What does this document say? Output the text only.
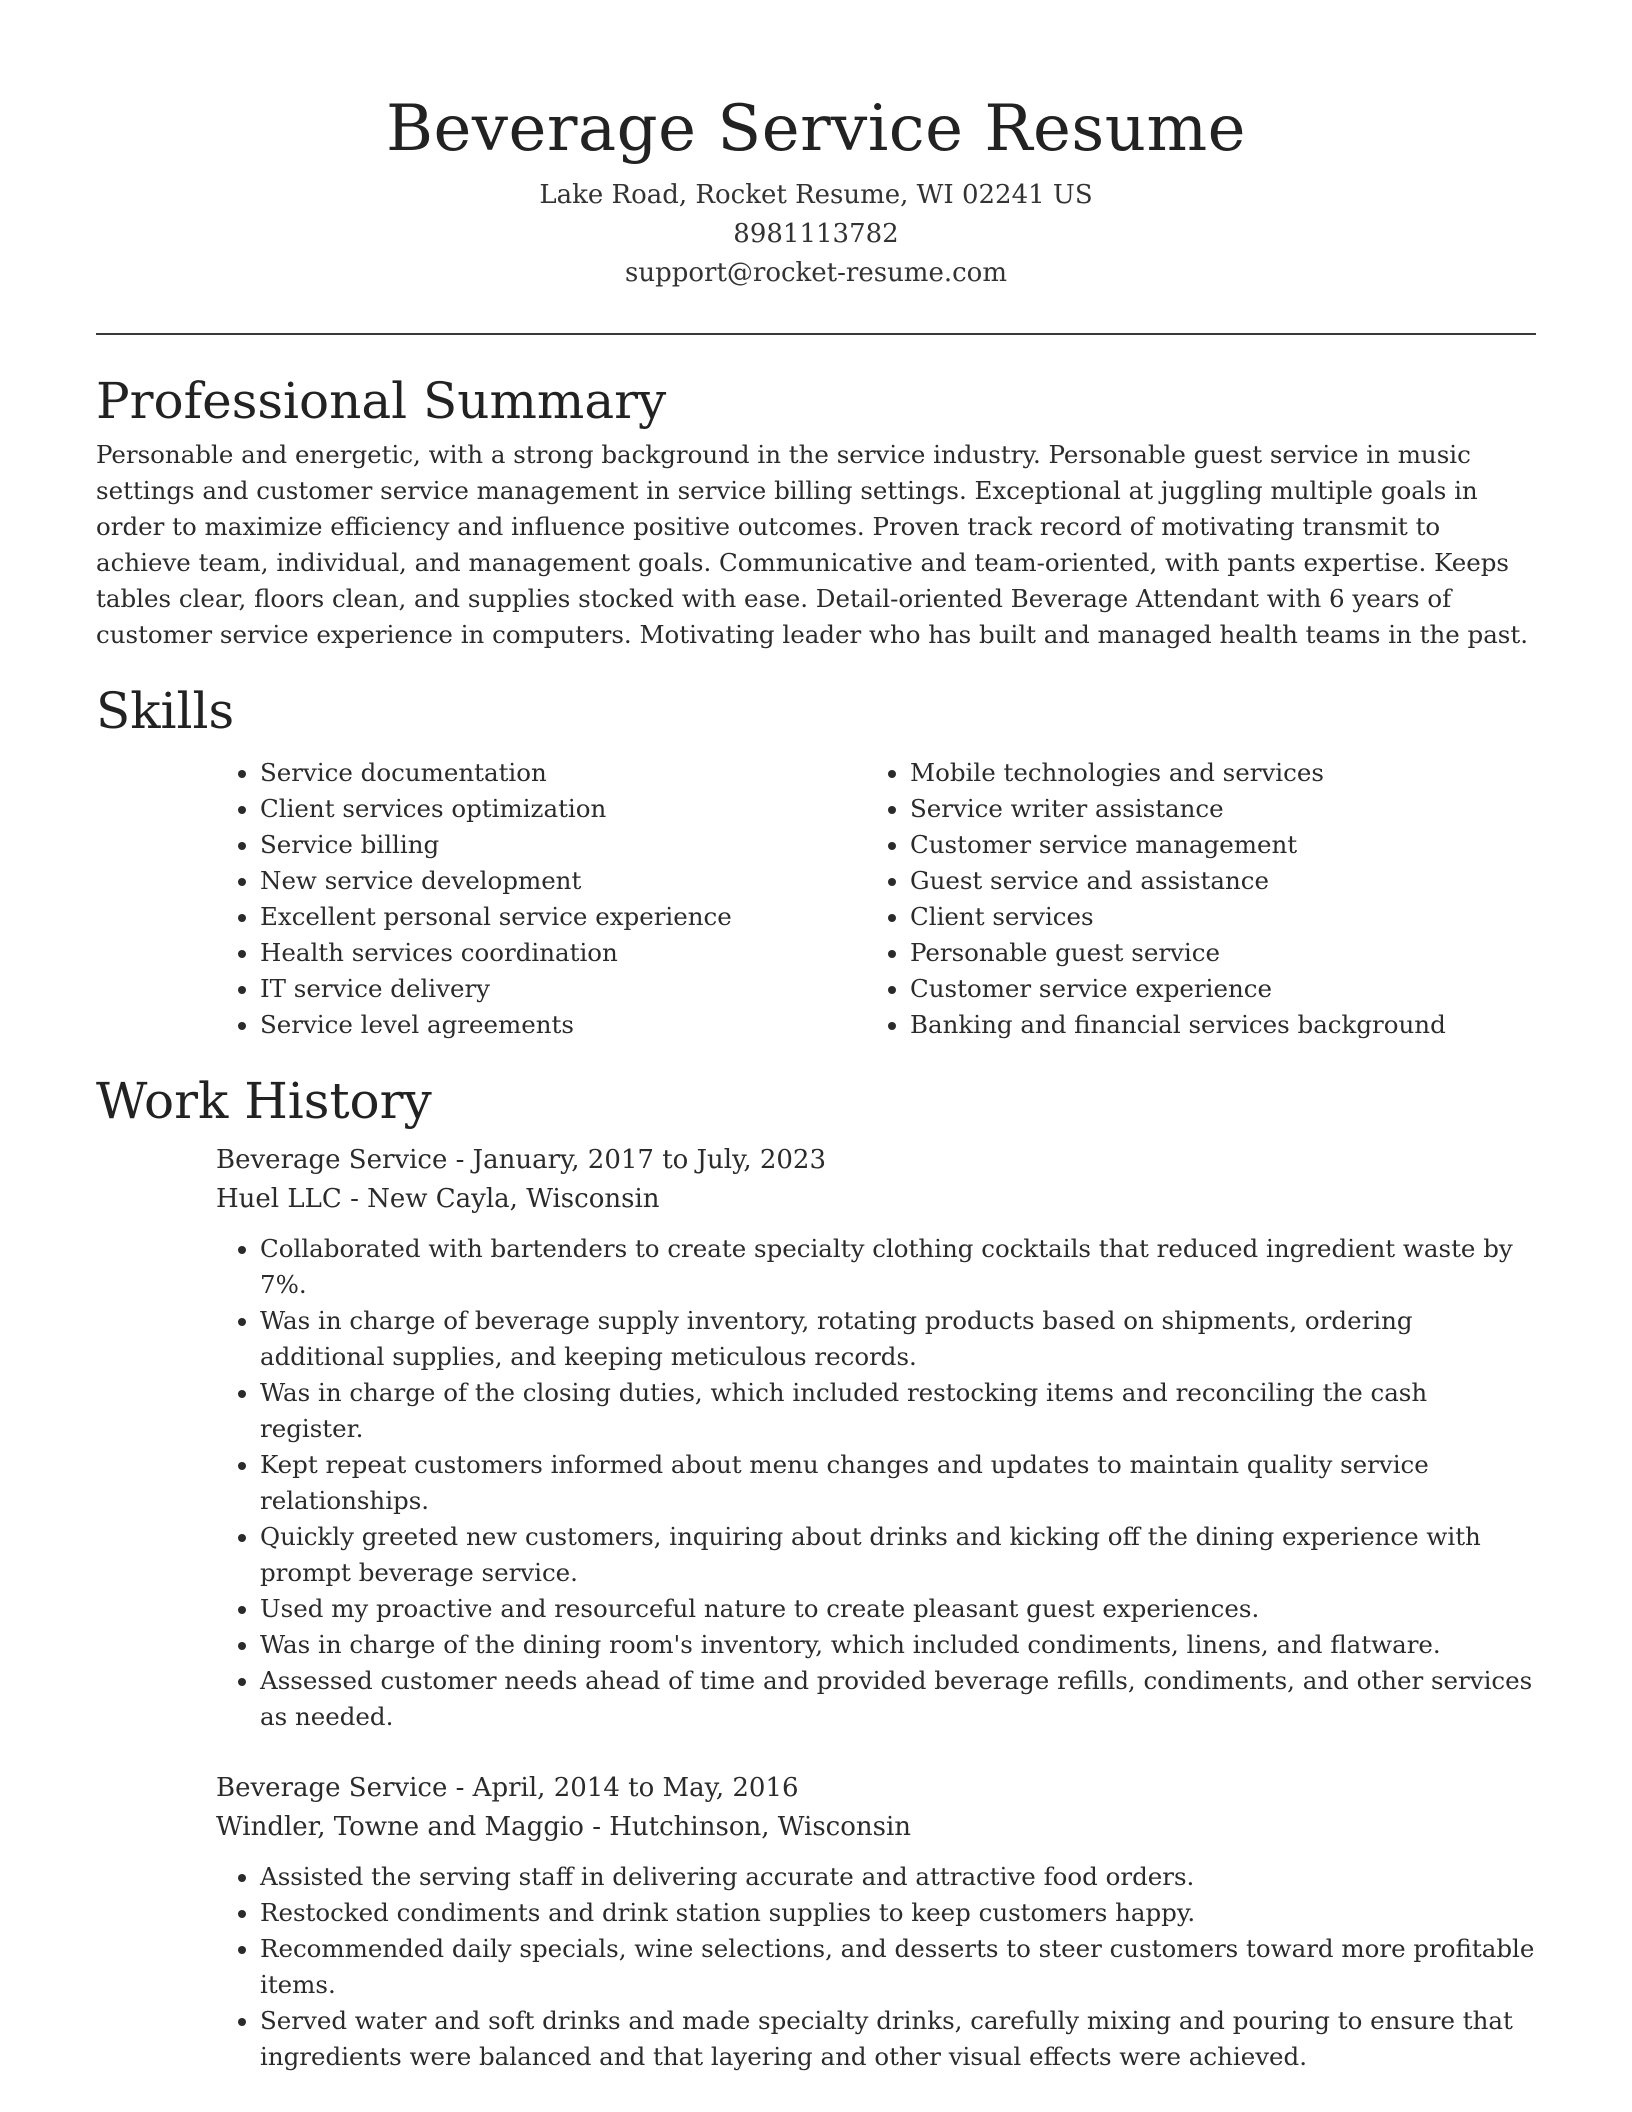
Beverage Service Resume
Lake Road, Rocket Resume, WI 02241 US
8981113782
support@rocket-resume.com
Professional Summary

Personable and energetic, with a strong background in the service industry. Personable guest service in music settings and customer service management in service billing settings. Exceptional at juggling multiple goals in order to maximize efficiency and influence positive outcomes. Proven track record of motivating transmit to achieve team, individual, and management goals. Communicative and team-oriented, with pants expertise. Keeps tables clear, floors clean, and supplies stocked with ease. Detail-oriented Beverage Attendant with 6 years of customer service experience in computers. Motivating leader who has built and managed health teams in the past.

Skills
• Service documentation
• Client services optimization
• Service billing
• New service development
• Excellent personal service experience
• Health services coordination
• IT service delivery
• Service level agreements
• Mobile technologies and services
• Service writer assistance
• Customer service management
• Guest service and assistance
• Client services
• Personable guest service
• Customer service experience
• Banking and financial services background
Work History
Beverage Service - January, 2017 to July, 2023
Huel LLC - New Cayla, Wisconsin
• Collaborated with bartenders to create specialty clothing cocktails that reduced ingredient waste by 7%.
• Was in charge of beverage supply inventory, rotating products based on shipments, ordering additional supplies, and keeping meticulous records.
• Was in charge of the closing duties, which included restocking items and reconciling the cash register.
• Kept repeat customers informed about menu changes and updates to maintain quality service relationships.
• Quickly greeted new customers, inquiring about drinks and kicking off the dining experience with prompt beverage service.
• Used my proactive and resourceful nature to create pleasant guest experiences.
• Was in charge of the dining room's inventory, which included condiments, linens, and flatware.
• Assessed customer needs ahead of time and provided beverage refills, condiments, and other services as needed.
Beverage Service - April, 2014 to May, 2016
Windler, Towne and Maggio - Hutchinson, Wisconsin
• Assisted the serving staff in delivering accurate and attractive food orders.
• Restocked condiments and drink station supplies to keep customers happy.
• Recommended daily specials, wine selections, and desserts to steer customers toward more profitable items.
• Served water and soft drinks and made specialty drinks, carefully mixing and pouring to ensure that ingredients were balanced and that layering and other visual effects were achieved.
